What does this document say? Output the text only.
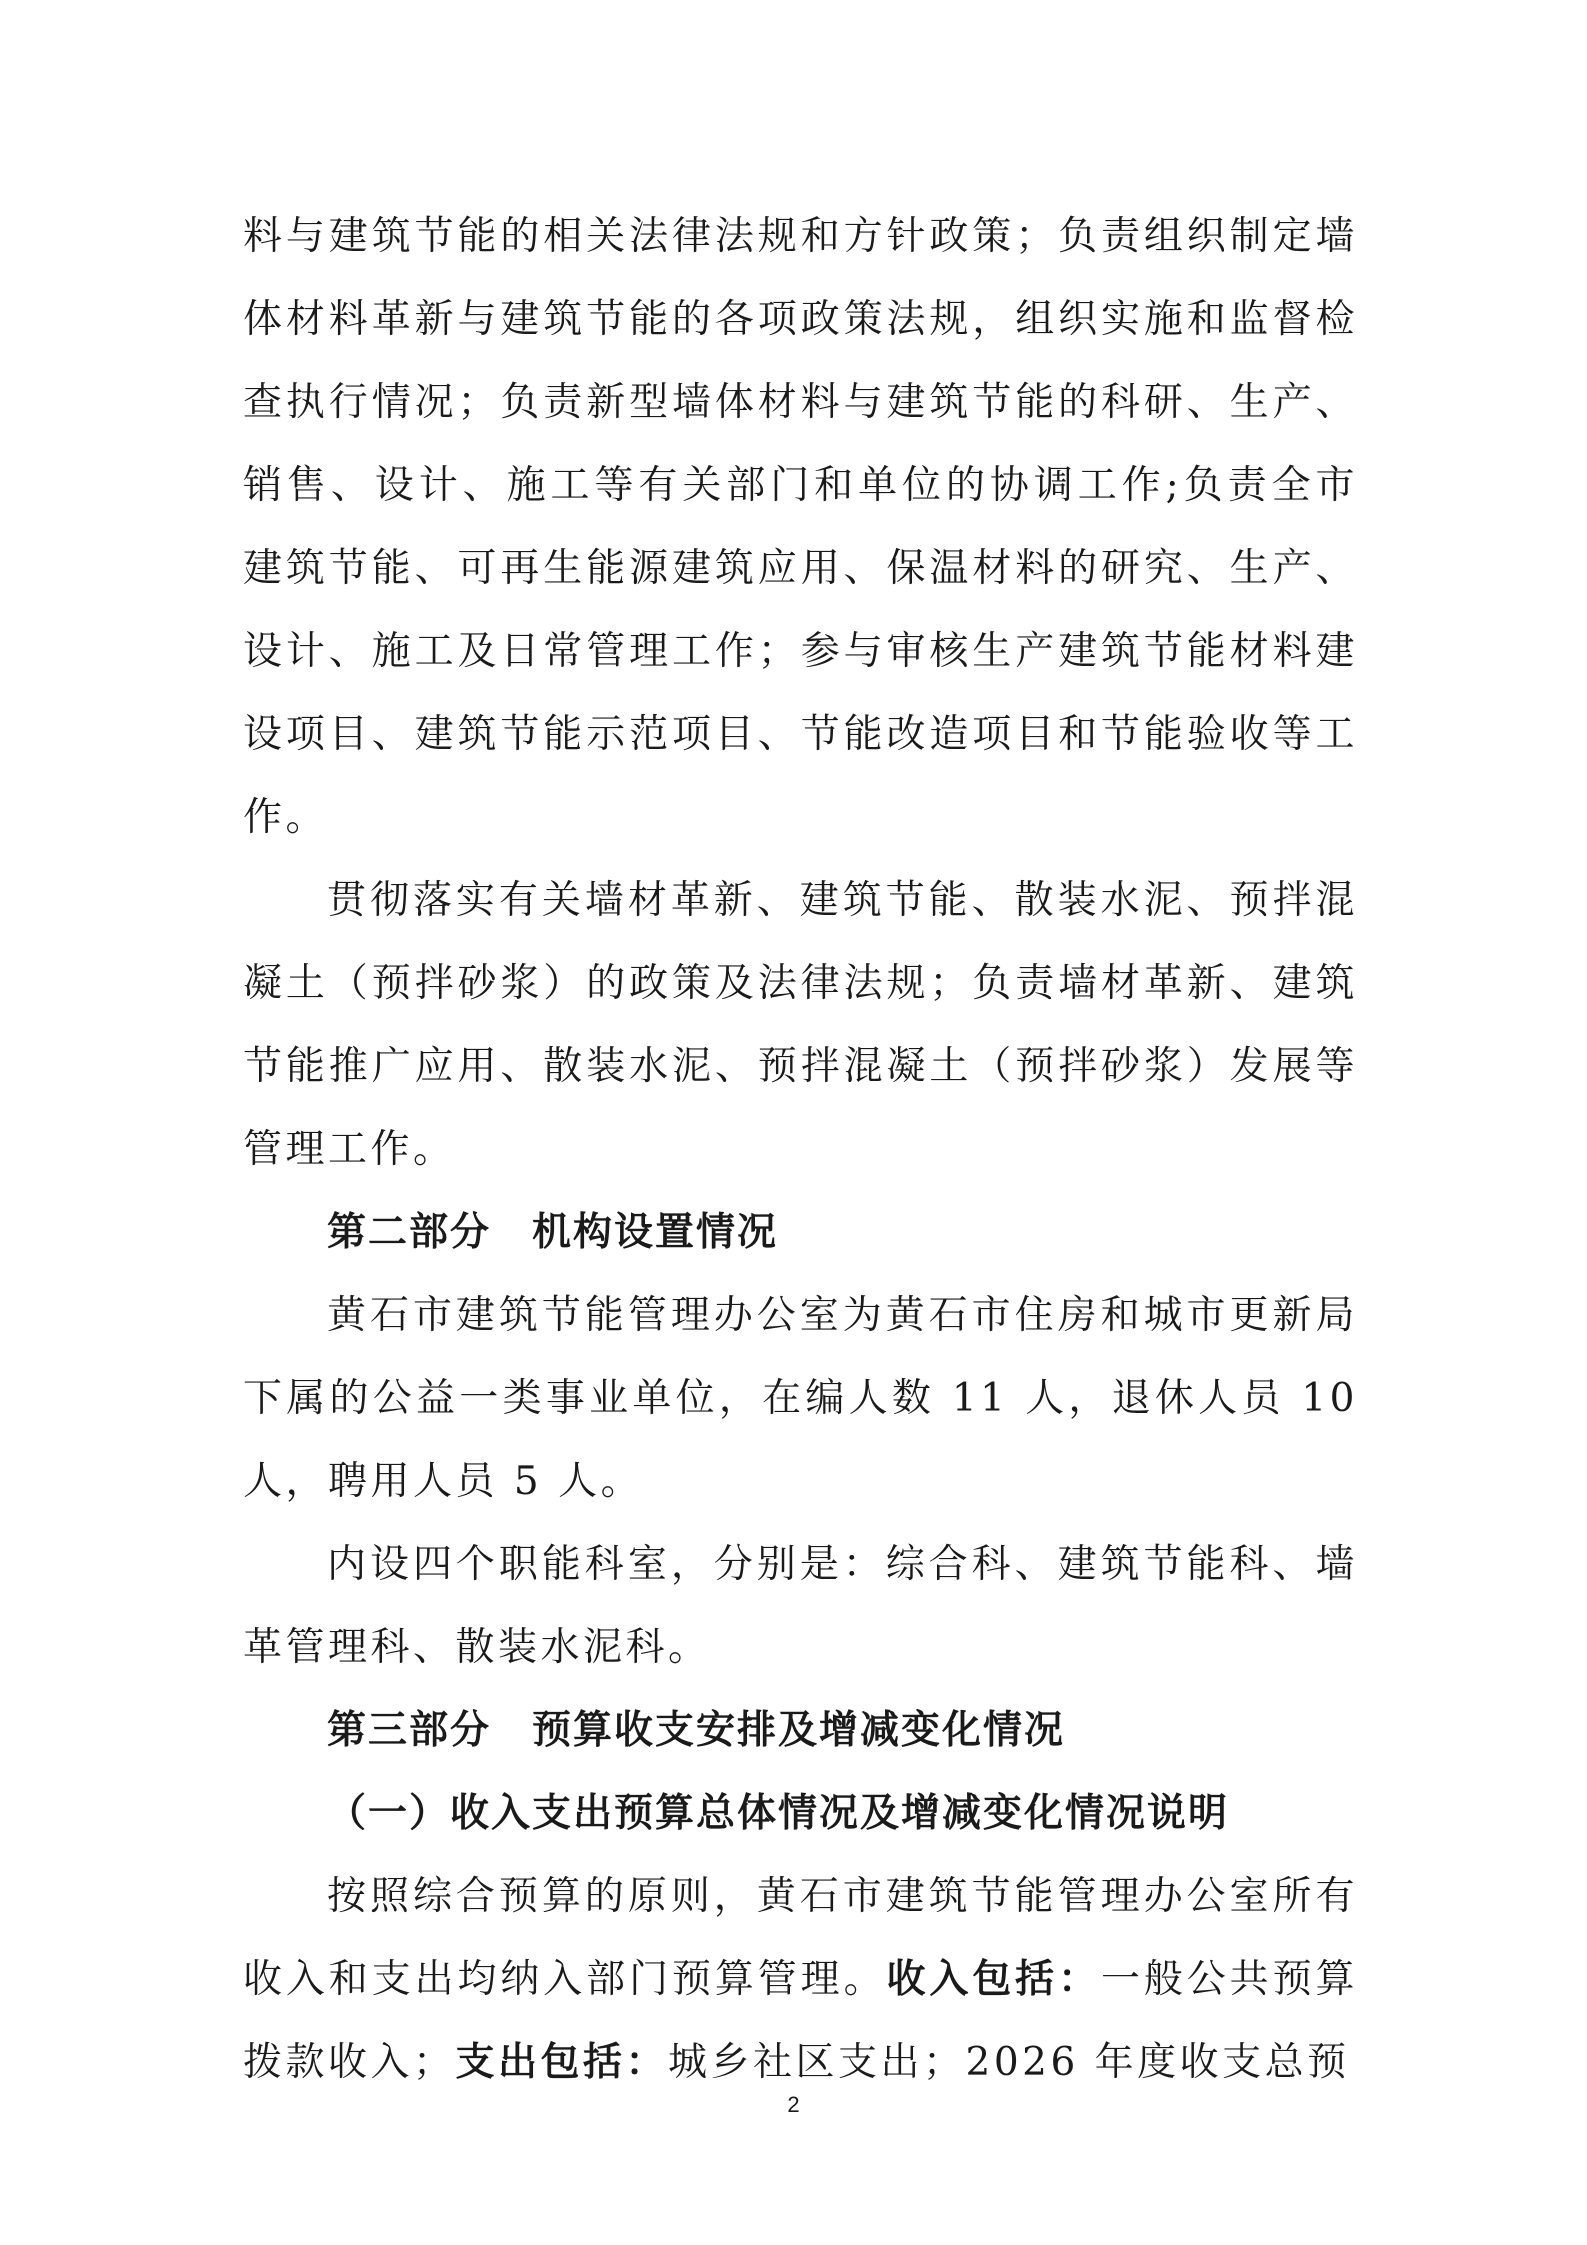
料与建筑节能的相关法律法规和方针政策；负责组织制定墙体材料革新与建筑节能的各项政策法规，组织实施和监督检查执行情况；负责新型墙体材料与建筑节能的科研、生产、销售、设计、施工等有关部门和单位的协调工作;负责全市建筑节能、可再生能源建筑应用、保温材料的研究、生产、设计、施工及日常管理工作；参与审核生产建筑节能材料建设项目、建筑节能示范项目、节能改造项目和节能验收等工作。

贯彻落实有关墙材革新、建筑节能、散装水泥、预拌混凝土（预拌砂浆）的政策及法律法规；负责墙材革新、建筑节能推广应用、散装水泥、预拌混凝土（预拌砂浆）发展等管理工作。

第二部分　机构设置情况

黄石市建筑节能管理办公室为黄石市住房和城市更新局下属的公益一类事业单位，在编人数 11 人，退休人员 10 人，聘用人员 5 人。

内设四个职能科室，分别是：综合科、建筑节能科、墙革管理科、散装水泥科。

第三部分　预算收支安排及增减变化情况

（一）收入支出预算总体情况及增减变化情况说明

按照综合预算的原则，黄石市建筑节能管理办公室所有收入和支出均纳入部门预算管理。收入包括：一般公共预算拨款收入；支出包括：城乡社区支出；2026 年度收支总预

2
